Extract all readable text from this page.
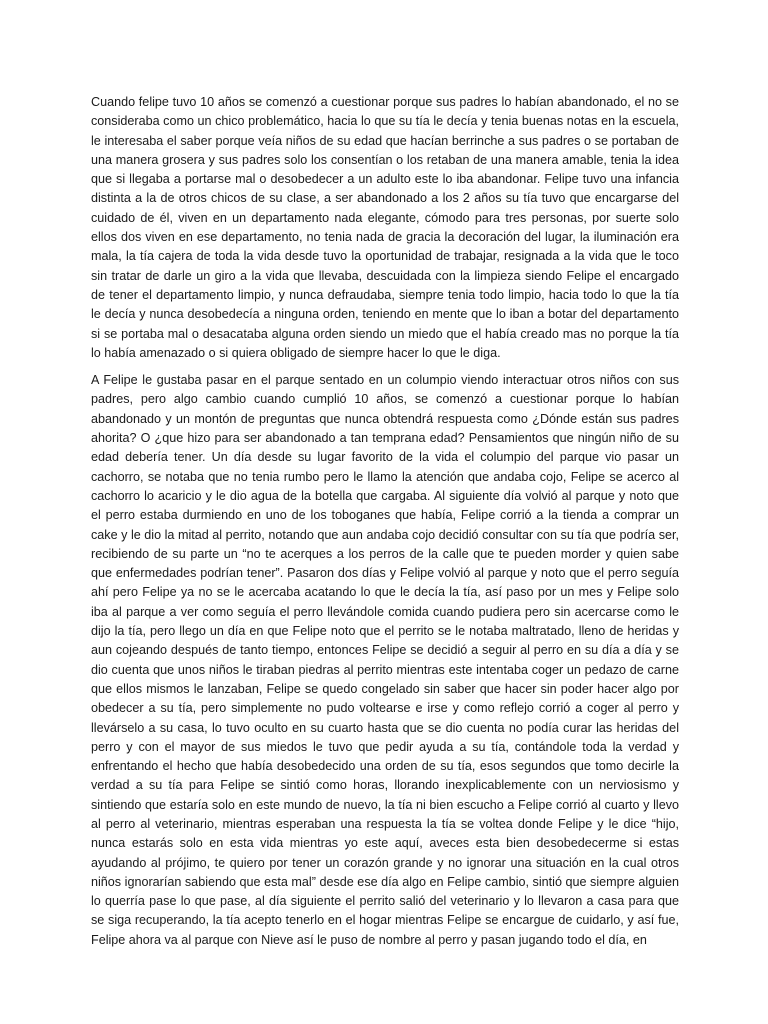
Cuando felipe tuvo 10 años se comenzó a cuestionar porque sus padres lo habían abandonado, el no se consideraba como un chico problemático, hacia lo que su tía le decía y tenia buenas notas en la escuela, le interesaba el saber porque veía niños de su edad que hacían berrinche a sus padres o se portaban de una manera grosera y sus padres solo los consentían o los retaban de una manera amable, tenia la idea que si llegaba a portarse mal o desobedecer a un adulto este lo iba abandonar. Felipe tuvo una infancia distinta a la de otros chicos de su clase, a ser abandonado a los 2 años su tía tuvo que encargarse del cuidado de él, viven en un departamento nada elegante, cómodo para tres personas, por suerte solo ellos dos viven en ese departamento, no tenia nada de gracia la decoración del lugar, la iluminación era mala, la tía cajera de toda la vida desde tuvo la oportunidad de trabajar, resignada a la vida que le toco sin tratar de darle un giro a la vida que llevaba, descuidada con la limpieza siendo Felipe el encargado de tener el departamento limpio, y nunca defraudaba, siempre tenia todo limpio, hacia todo lo que la tía le decía y nunca desobedecía a ninguna orden, teniendo en mente que lo iban a botar del departamento si se portaba mal o desacataba alguna orden siendo un miedo que el había creado mas no porque la tía lo había amenazado o si quiera obligado de siempre hacer lo que le diga.

A Felipe le gustaba pasar en el parque sentado en un columpio viendo interactuar otros niños con sus padres, pero algo cambio cuando cumplió 10 años, se comenzó a cuestionar porque lo habían abandonado y un montón de preguntas que nunca obtendrá respuesta como ¿Dónde están sus padres ahorita? O ¿que hizo para ser abandonado a tan temprana edad? Pensamientos que ningún niño de su edad debería tener. Un día desde su lugar favorito de la vida el columpio del parque vio pasar un cachorro, se notaba que no tenia rumbo pero le llamo la atención que andaba cojo, Felipe se acerco al cachorro lo acaricio y le dio agua de la botella que cargaba. Al siguiente día volvió al parque y noto que el perro estaba durmiendo en uno de los toboganes que había, Felipe corrió a la tienda a comprar un cake y le dio la mitad al perrito, notando que aun andaba cojo decidió consultar con su tía que podría ser, recibiendo de su parte un “no te acerques a los perros de la calle que te pueden morder y quien sabe que enfermedades podrían tener”. Pasaron dos días y Felipe volvió al parque y noto que el perro seguía ahí pero Felipe ya no se le acercaba acatando lo que le decía la tía, así paso por un mes y Felipe solo iba al parque a ver como seguía el perro llevándole comida cuando pudiera pero sin acercarse como le dijo la tía, pero llego un día en que Felipe noto que el perrito se le notaba maltratado, lleno de heridas y aun cojeando después de tanto tiempo, entonces Felipe se decidió a seguir al perro en su día a día y se dio cuenta que unos niños le tiraban piedras al perrito mientras este intentaba coger un pedazo de carne que ellos mismos le lanzaban, Felipe se quedo congelado sin saber que hacer sin poder hacer algo por obedecer a su tía, pero simplemente no pudo voltearse e irse y como reflejo corrió a coger al perro y llevárselo a su casa, lo tuvo oculto en su cuarto hasta que se dio cuenta no podía curar las heridas del perro y con el mayor de sus miedos le tuvo que pedir ayuda a su tía, contándole toda la verdad y enfrentando el hecho que había desobedecido una orden de su tía, esos segundos que tomo decirle la verdad a su tía para Felipe se sintió como horas, llorando inexplicablemente con un nerviosismo y sintiendo que estaría solo en este mundo de nuevo, la tía ni bien escucho a Felipe corrió al cuarto y llevo al perro al veterinario, mientras esperaban una respuesta la tía se voltea donde Felipe y le dice “hijo, nunca estarás solo en esta vida mientras yo este aquí, aveces esta bien desobedecerme si estas ayudando al prójimo, te quiero por tener un corazón grande y no ignorar una situación en la cual otros niños ignorarían sabiendo que esta mal” desde ese día algo en Felipe cambio, sintió que siempre alguien lo querría pase lo que pase, al día siguiente el perrito salió del veterinario y lo llevaron a casa para que se siga recuperando, la tía acepto tenerlo en el hogar mientras Felipe se encargue de cuidarlo, y así fue, Felipe ahora va al parque con Nieve así le puso de nombre al perro y pasan jugando todo el día, en
